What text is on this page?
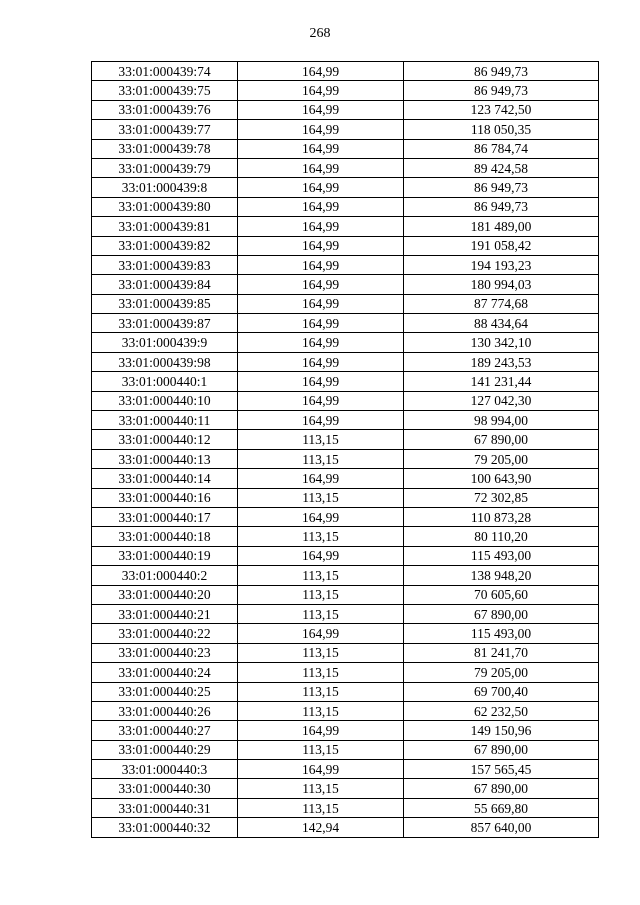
268
33:01:000439:74	164,99	86 949,73
33:01:000439:75	164,99	86 949,73
33:01:000439:76	164,99	123 742,50
33:01:000439:77	164,99	118 050,35
33:01:000439:78	164,99	86 784,74
33:01:000439:79	164,99	89 424,58
33:01:000439:8	164,99	86 949,73
33:01:000439:80	164,99	86 949,73
33:01:000439:81	164,99	181 489,00
33:01:000439:82	164,99	191 058,42
33:01:000439:83	164,99	194 193,23
33:01:000439:84	164,99	180 994,03
33:01:000439:85	164,99	87 774,68
33:01:000439:87	164,99	88 434,64
33:01:000439:9	164,99	130 342,10
33:01:000439:98	164,99	189 243,53
33:01:000440:1	164,99	141 231,44
33:01:000440:10	164,99	127 042,30
33:01:000440:11	164,99	98 994,00
33:01:000440:12	113,15	67 890,00
33:01:000440:13	113,15	79 205,00
33:01:000440:14	164,99	100 643,90
33:01:000440:16	113,15	72 302,85
33:01:000440:17	164,99	110 873,28
33:01:000440:18	113,15	80 110,20
33:01:000440:19	164,99	115 493,00
33:01:000440:2	113,15	138 948,20
33:01:000440:20	113,15	70 605,60
33:01:000440:21	113,15	67 890,00
33:01:000440:22	164,99	115 493,00
33:01:000440:23	113,15	81 241,70
33:01:000440:24	113,15	79 205,00
33:01:000440:25	113,15	69 700,40
33:01:000440:26	113,15	62 232,50
33:01:000440:27	164,99	149 150,96
33:01:000440:29	113,15	67 890,00
33:01:000440:3	164,99	157 565,45
33:01:000440:30	113,15	67 890,00
33:01:000440:31	113,15	55 669,80
33:01:000440:32	142,94	857 640,00
